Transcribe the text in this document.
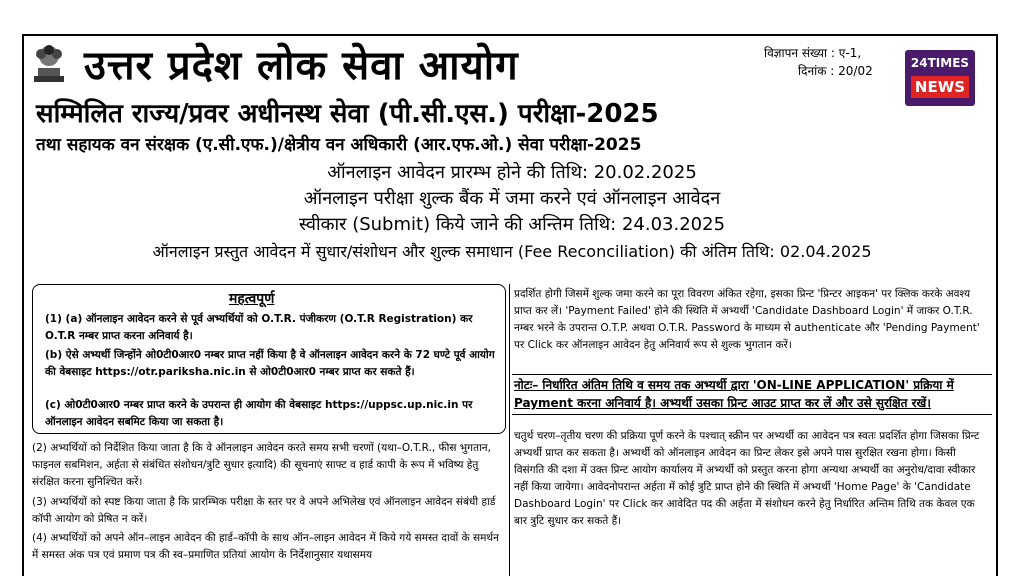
उत्तर प्रदेश लोक सेवा आयोग	विज्ञापन संख्या : ए-1,
दिनांक : 20/02
24TIMES
NEWS
सम्मिलित राज्य/प्रवर अधीनस्थ सेवा (पी.सी.एस.) परीक्षा-2025
तथा सहायक वन संरक्षक (ए.सी.एफ.)/क्षेत्रीय वन अधिकारी (आर.एफ.ओ.) सेवा परीक्षा-2025
ऑनलाइन आवेदन प्रारम्भ होने की तिथि: 20.02.2025
ऑनलाइन परीक्षा शुल्क बैंक में जमा करने एवं ऑनलाइन आवेदन
स्वीकार (Submit) किये जाने की अन्तिम तिथि: 24.03.2025
ऑनलाइन प्रस्तुत आवेदन में सुधार/संशोधन और शुल्क समाधान (Fee Reconciliation) की अंतिम तिथि: 02.04.2025
महत्वपूर्ण

(1) (a) ऑनलाइन आवेदन करने से पूर्व अभ्यर्थियों को O.T.R. पंजीकरण (O.T.R Registration) कर O.T.R नम्बर प्राप्त करना अनिवार्य है।

(b) ऐसे अभ्यर्थी जिन्होंने ओ0टी0आर0 नम्बर प्राप्त नहीं किया है वे ऑनलाइन आवेदन करने के 72 घण्टे पूर्व आयोग की वेबसाइट https://otr.pariksha.nic.in से ओ0टी0आर0 नम्बर प्राप्त कर सकते हैं।

(c) ओ0टी0आर0 नम्बर प्राप्त करने के उपरान्त ही आयोग की वेबसाइट https://uppsc.up.nic.in पर ऑनलाइन आवेदन सबमिट किया जा सकता है।

(2) अभ्यर्थियों को निर्देशित किया जाता है कि वे ऑनलाइन आवेदन करते समय सभी चरणों (यथा–O.T.R., फीस भुगतान, फाइनल सबमिशन, अर्हता से संबंधित संशोधन/त्रुटि सुधार इत्यादि) की सूचनाएं साफ्ट व हार्ड कापी के रूप में भविष्य हेतु संरक्षित करना सुनिश्चित करें।

(3) अभ्यर्थियों को स्पष्ट किया जाता है कि प्रारम्भिक परीक्षा के स्तर पर वे अपने अभिलेख एवं ऑनलाइन आवेदन संबंधी हार्ड कॉपी आयोग को प्रेषित न करें।

(4) अभ्यर्थियों को अपने ऑन–लाइन आवेदन की हार्ड–कॉपी के साथ ऑन–लाइन आवेदन में किये गये समस्त दावों के समर्थन में समस्त अंक पत्र एवं प्रमाण पत्र की स्व–प्रमाणित प्रतियां आयोग के निर्देशानुसार यथासमय

प्रदर्शित होगी जिसमें शुल्क जमा करने का पूरा विवरण अंकित रहेगा, इसका प्रिन्ट 'प्रिन्टर आइकन' पर क्लिक करके अवश्य प्राप्त कर लें। 'Payment Failed' होने की स्थिति में अभ्यर्थी 'Candidate Dashboard Login' में जाकर O.T.R. नम्बर भरने के उपरान्त O.T.P. अथवा O.T.R. Password के माध्यम से authenticate और 'Pending Payment' पर Click कर ऑनलाइन आवेदन हेतु अनिवार्य रूप से शुल्क भुगतान करें।

नोटः– निर्धारित अंतिम तिथि व समय तक अभ्यर्थी द्वारा 'ON-LINE APPLICATION' प्रक्रिया में Payment करना अनिवार्य है। अभ्यर्थी उसका प्रिन्ट आउट प्राप्त कर लें और उसे सुरक्षित रखें।

चतुर्थ चरण–तृतीय चरण की प्रक्रिया पूर्ण करने के पश्चात् स्क्रीन पर अभ्यर्थी का आवेदन पत्र स्वतः प्रदर्शित होगा जिसका प्रिन्ट अभ्यर्थी प्राप्त कर सकता है। अभ्यर्थी को ऑनलाइन आवेदन का प्रिन्ट लेकर इसे अपने पास सुरक्षित रखना होगा। किसी विसंगति की दशा में उक्त प्रिन्ट आयोग कार्यालय में अभ्यर्थी को प्रस्तुत करना होगा अन्यथा अभ्यर्थी का अनुरोध/दावा स्वीकार नहीं किया जायेगा। आवेदनोपरान्त अर्हता में कोई त्रुटि प्राप्त होने की स्थिति में अभ्यर्थी 'Home Page' के 'Candidate Dashboard Login' पर Click कर आवेदित पद की अर्हता में संशोधन करने हेतु निर्धारित अन्तिम तिथि तक केवल एक बार त्रुटि सुधार कर सकते हैं।
